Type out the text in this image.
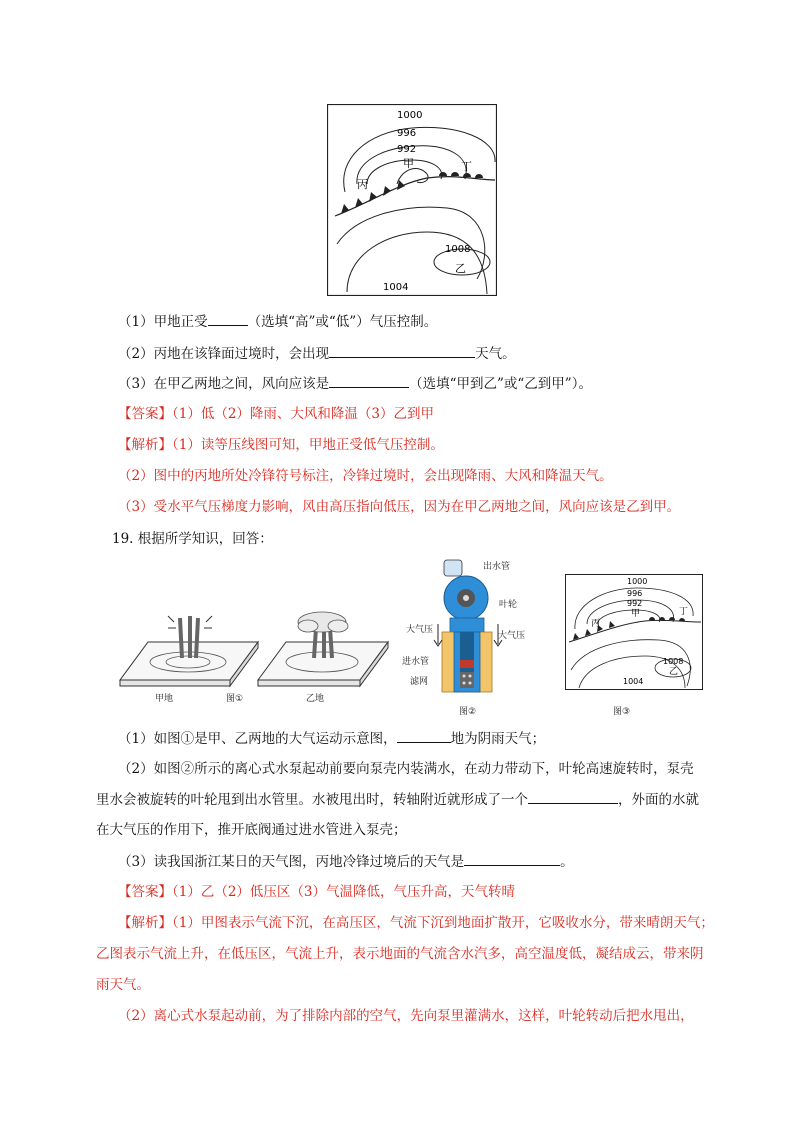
1000
996
992
1008
1004
甲
丙
丁
乙
（1）甲地正受	（选填“高”或“低”）气压控制。
（2）丙地在该锋面过境时，会出现	天气。
（3）在甲乙两地之间，风向应该是	（选填“甲到乙”或“乙到甲”）。
【答案】（1）低（2）降雨、大风和降温（3）乙到甲
【解析】（1）读等压线图可知，甲地正受低气压控制。
（2）图中的丙地所处冷锋符号标注，冷锋过境时，会出现降雨、大风和降温天气。
（3）受水平气压梯度力影响，风由高压指向低压，因为在甲乙两地之间，风向应该是乙到甲。
19. 根据所学知识，回答：
甲地	图①	乙地
出水管
叶轮
大气压
大气压
进水管
滤网
图②
1000
996
992
1008
1004
甲
丙
丁
乙
图③
（1）如图①是甲、乙两地的大气运动示意图，	地为阴雨天气；
（2）如图②所示的离心式水泵起动前要向泵壳内装满水，在动力带动下，叶轮高速旋转时，泵壳
里水会被旋转的叶轮甩到出水管里。水被甩出时，转轴附近就形成了一个	，外面的水就
在大气压的作用下，推开底阀通过进水管进入泵壳；
（3）读我国浙江某日的天气图，丙地冷锋过境后的天气是	。
【答案】（1）乙（2）低压区（3）气温降低，气压升高，天气转晴
【解析】（1）甲图表示气流下沉，在高压区，气流下沉到地面扩散开，它吸收水分，带来晴朗天气；
乙图表示气流上升，在低压区，气流上升，表示地面的气流含水汽多，高空温度低，凝结成云，带来阴
雨天气。
（2）离心式水泵起动前，为了排除内部的空气，先向泵里灌满水，这样，叶轮转动后把水甩出，
